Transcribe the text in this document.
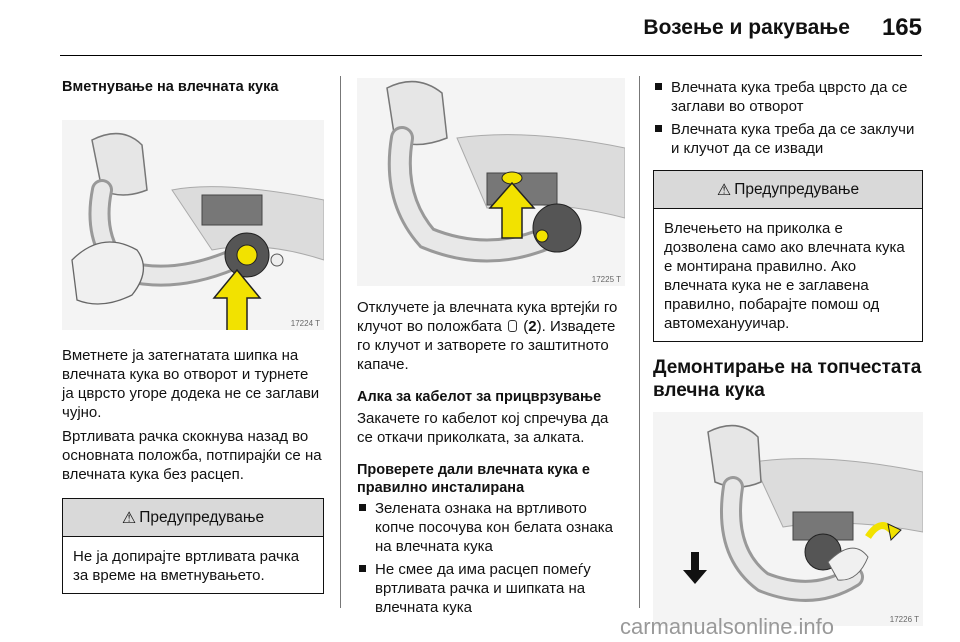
Возење и ракување 165
Вметнување на влечната кука
17224 T

Вметнете ја затегнатата шипка на влечната кука во отворот и турнете ја цврсто угоре додека не се заглави чујно.

Вртливата рачка скокнува назад во основната положба, потпирајќи се на влечната кука без расцеп.

⚠ Предупредување
Не ја допирајте вртливата рачка за време на вметнувањето.
17225 T

Отклучете ја влечната кука вртејќи го клучот во положбата  (2). Извадете го клучот и затворете го заштитното капаче.

Алка за кабелот за прицврзување

Закачете го кабелот кој спречува да се откачи приколката, за алката.

Проверете дали влечната кука е правилно инсталирана
Зелената ознака на вртливото копче посочува кон белата ознака на влечната кука
Не смее да има расцеп помеѓу вртливата рачка и шипката на влечната кука
Влечната кука треба цврсто да се заглави во отворот
Влечната кука треба да се заклучи и клучот да се извади
⚠ Предупредување
Влечењето на приколка е дозволена само ако влечната кука е монтирана правилно. Ако влечната кука не е заглавена правилно, побарајте помош од автомеханууичар.
Демонтирање на топчестата влечна кука
17226 T
carmanualsonline.info
